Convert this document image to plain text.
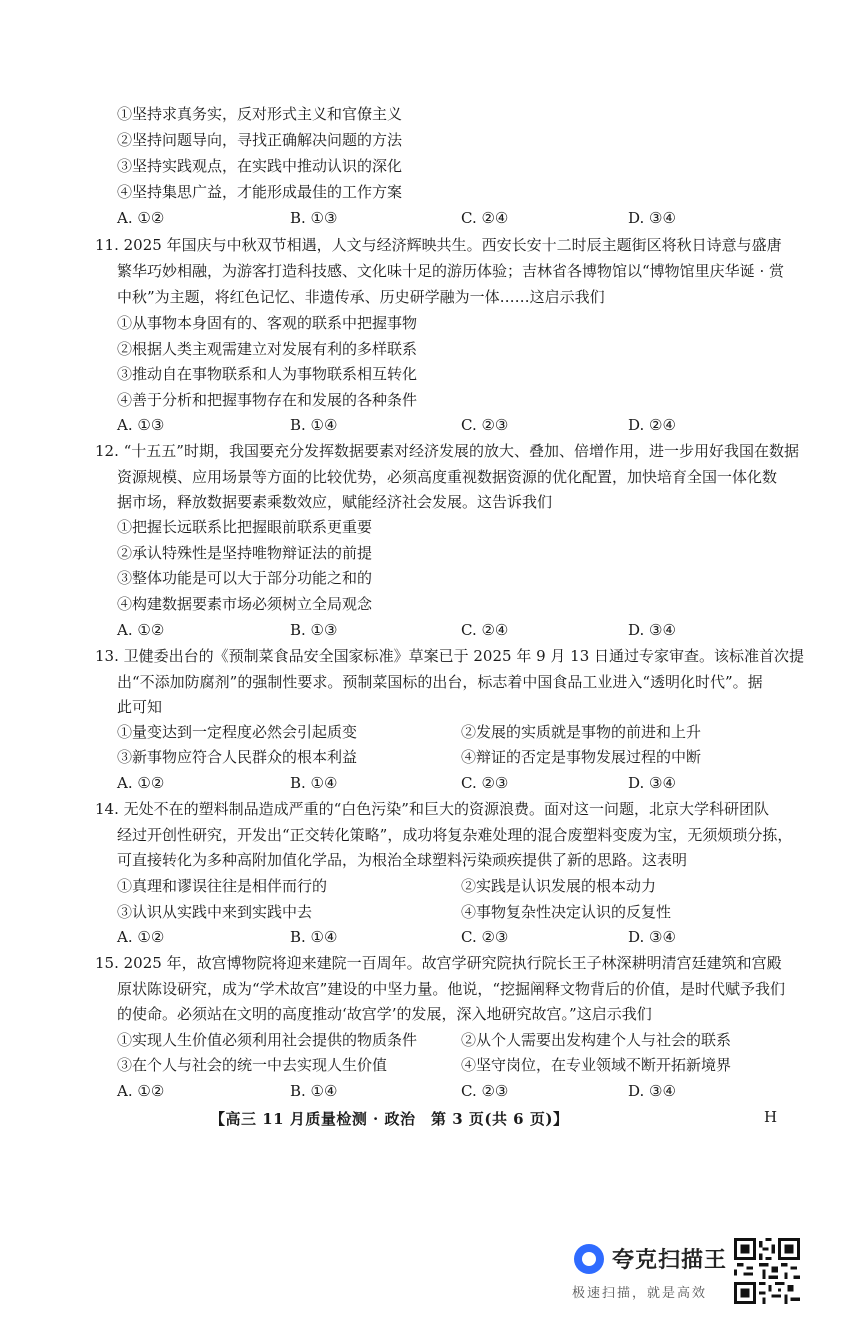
①坚持求真务实，反对形式主义和官僚主义
②坚持问题导向，寻找正确解决问题的方法
③坚持实践观点，在实践中推动认识的深化
④坚持集思广益，才能形成最佳的工作方案
A. ①②	B. ①③	C. ②④	D. ③④
11. 2025 年国庆与中秋双节相遇，人文与经济辉映共生。西安长安十二时辰主题街区将秋日诗意与盛唐
繁华巧妙相融，为游客打造科技感、文化味十足的游历体验；吉林省各博物馆以“博物馆里庆华诞 · 赏
中秋”为主题，将红色记忆、非遗传承、历史研学融为一体……这启示我们
①从事物本身固有的、客观的联系中把握事物
②根据人类主观需建立对发展有利的多样联系
③推动自在事物联系和人为事物联系相互转化
④善于分析和把握事物存在和发展的各种条件
A. ①③	B. ①④	C. ②③	D. ②④
12. “十五五”时期，我国要充分发挥数据要素对经济发展的放大、叠加、倍增作用，进一步用好我国在数据
资源规模、应用场景等方面的比较优势，必须高度重视数据资源的优化配置，加快培育全国一体化数
据市场，释放数据要素乘数效应，赋能经济社会发展。这告诉我们
①把握长远联系比把握眼前联系更重要
②承认特殊性是坚持唯物辩证法的前提
③整体功能是可以大于部分功能之和的
④构建数据要素市场必须树立全局观念
A. ①②	B. ①③	C. ②④	D. ③④
13. 卫健委出台的《预制菜食品安全国家标准》草案已于 2025 年 9 月 13 日通过专家审查。该标准首次提
出“不添加防腐剂”的强制性要求。预制菜国标的出台，标志着中国食品工业进入“透明化时代”。据
此可知
①量变达到一定程度必然会引起质变	②发展的实质就是事物的前进和上升
③新事物应符合人民群众的根本利益	④辩证的否定是事物发展过程的中断
A. ①②	B. ①④	C. ②③	D. ③④
14. 无处不在的塑料制品造成严重的“白色污染”和巨大的资源浪费。面对这一问题，北京大学科研团队
经过开创性研究，开发出“正交转化策略”，成功将复杂难处理的混合废塑料变废为宝，无须烦琐分拣，
可直接转化为多种高附加值化学品，为根治全球塑料污染顽疾提供了新的思路。这表明
①真理和谬误往往是相伴而行的	②实践是认识发展的根本动力
③认识从实践中来到实践中去	④事物复杂性决定认识的反复性
A. ①②	B. ①④	C. ②③	D. ③④
15. 2025 年，故宫博物院将迎来建院一百周年。故宫学研究院执行院长王子林深耕明清宫廷建筑和宫殿
原状陈设研究，成为“学术故宫”建设的中坚力量。他说，“挖掘阐释文物背后的价值，是时代赋予我们
的使命。必须站在文明的高度推动‘故宫学’的发展，深入地研究故宫。”这启示我们
①实现人生价值必须利用社会提供的物质条件	②从个人需要出发构建个人与社会的联系
③在个人与社会的统一中去实现人生价值	④坚守岗位，在专业领域不断开拓新境界
A. ①②	B. ①④	C. ②③	D. ③④
【高三 11 月质量检测 · 政治　第 3 页(共 6 页)】	H
夸克扫描王
极速扫描，就是高效
